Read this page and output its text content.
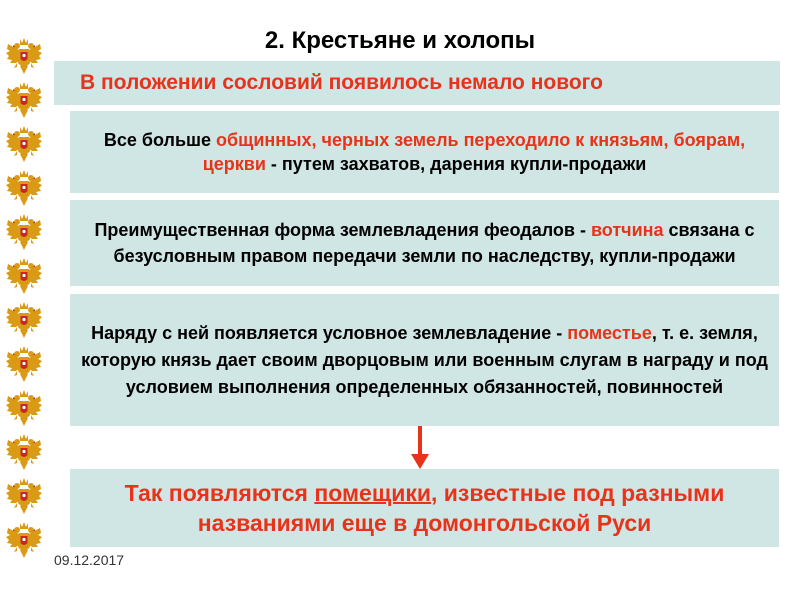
2. Крестьяне и холопы
В положении сословий появилось немало нового
Все больше общинных, черных земель переходило к князьям, боярам, церкви - путем захватов, дарения купли-продажи
Преимущественная форма землевладения феодалов - вотчина связана с безусловным правом передачи земли по наследству, купли-продажи
Наряду с ней появляется условное землевладение - поместье, т. е. земля, которую князь дает своим дворцовым или военным слугам в награду и под условием выполнения определенных обязанностей, повинностей
Так появляются помещики, известные под разными названиями еще в домонгольской Руси
09.12.2017
